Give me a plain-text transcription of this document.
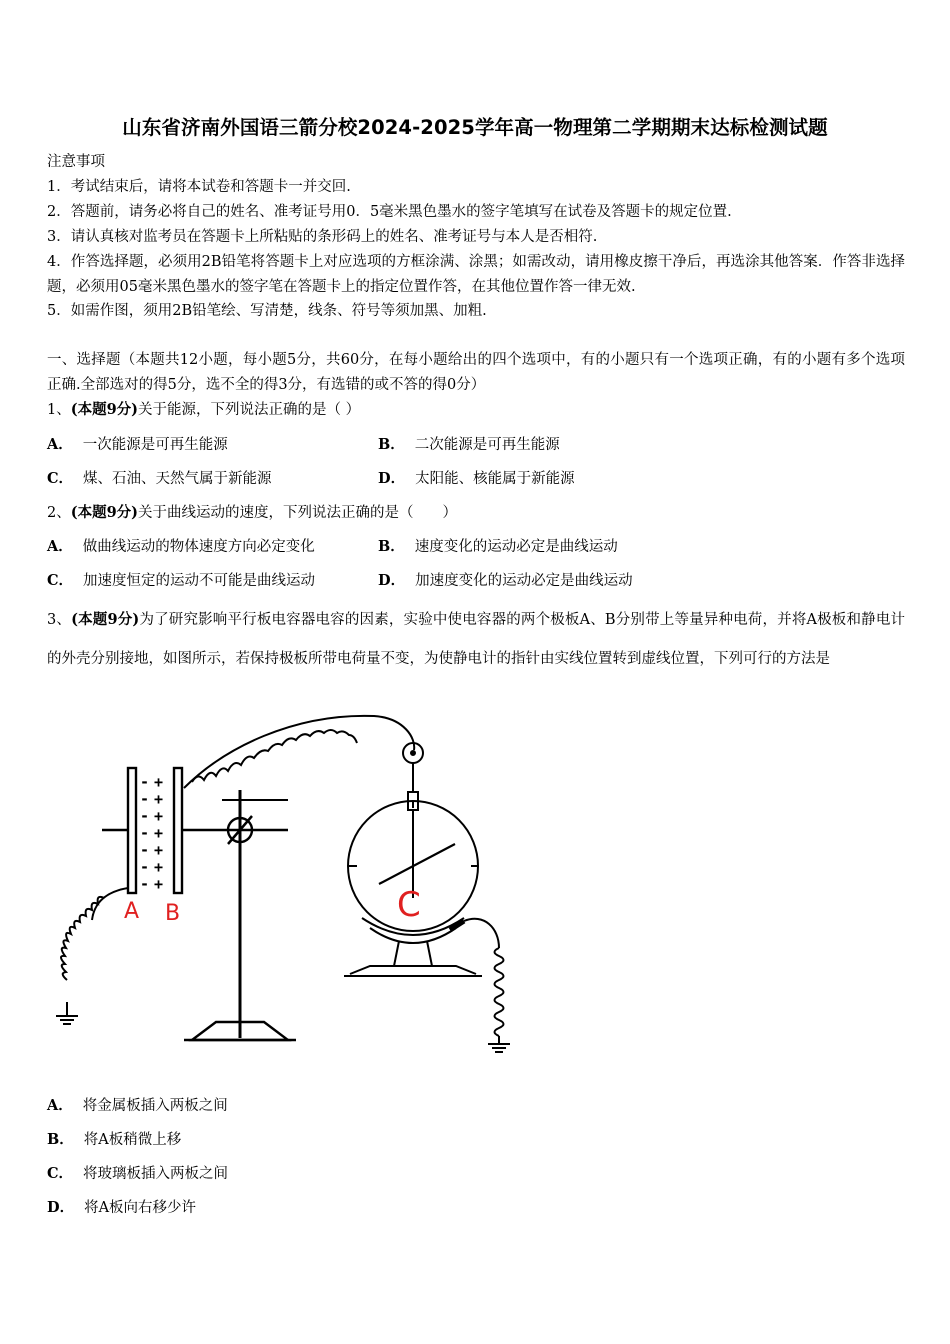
山东省济南外国语三箭分校2024-2025学年高一物理第二学期期末达标检测试题
注意事项
1．考试结束后，请将本试卷和答题卡一并交回.
2．答题前，请务必将自己的姓名、准考证号用0．5毫米黑色墨水的签字笔填写在试卷及答题卡的规定位置.
3．请认真核对监考员在答题卡上所粘贴的条形码上的姓名、准考证号与本人是否相符.
4．作答选择题，必须用2B铅笔将答题卡上对应选项的方框涂满、涂黑；如需改动，请用橡皮擦干净后，再选涂其他答案．作答非选择题，必须用05毫米黑色墨水的签字笔在答题卡上的指定位置作答，在其他位置作答一律无效.
5．如需作图，须用2B铅笔绘、写清楚，线条、符号等须加黑、加粗.
一、选择题（本题共12小题，每小题5分，共60分，在每小题给出的四个选项中，有的小题只有一个选项正确，有的小题有多个选项正确.全部选对的得5分，选不全的得3分，有选错的或不答的得0分）
1、(本题9分)关于能源，下列说法正确的是（ ）
A． 一次能源是可再生能源	B． 二次能源是可再生能源
C． 煤、石油、天然气属于新能源	D． 太阳能、核能属于新能源
2、(本题9分)关于曲线运动的速度，下列说法正确的是（　　）
A． 做曲线运动的物体速度方向必定变化	B． 速度变化的运动必定是曲线运动
C． 加速度恒定的运动不可能是曲线运动	D． 加速度变化的运动必定是曲线运动
3、(本题9分)为了研究影响平行板电容器电容的因素，实验中使电容器的两个极板A、B分别带上等量异种电荷，并将A极板和静电计的外壳分别接地，如图所示，若保持极板所带电荷量不变，为使静电计的指针由实线位置转到虚线位置，下列可行的方法是
- +
- +
- +
- +
- +
- +
- +
A B	C
A． 将金属板插入两板之间
B． 将A板稍微上移
C． 将玻璃板插入两板之间
D． 将A板向右移少许
